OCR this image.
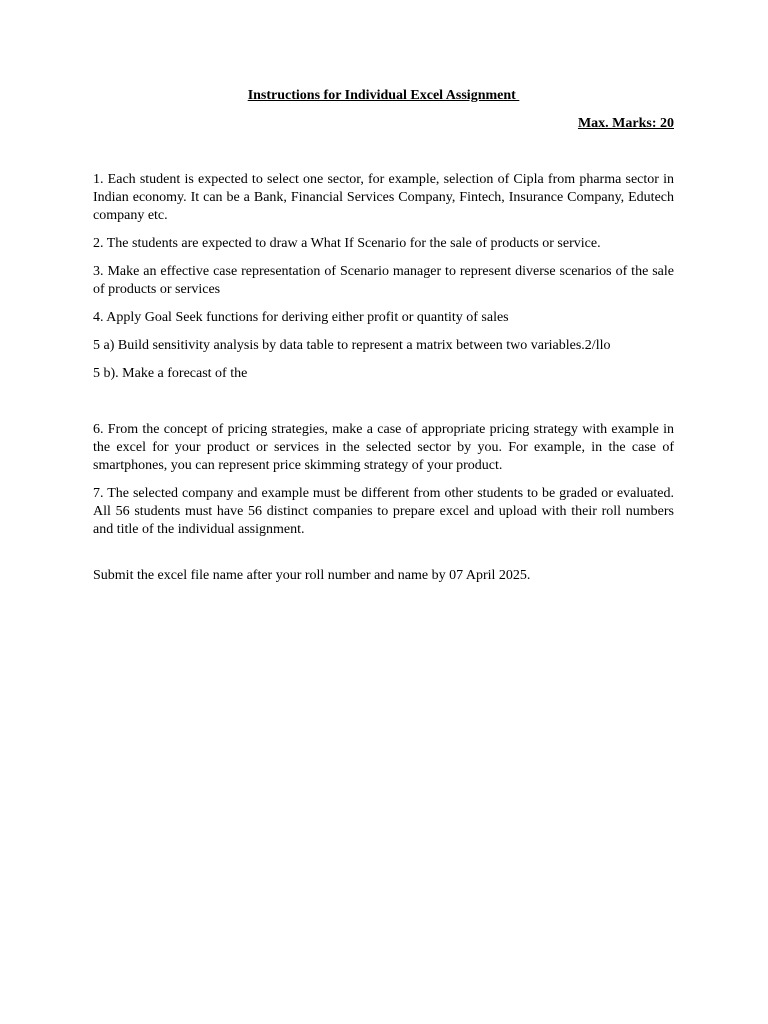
Instructions for Individual Excel Assignment

Max. Marks: 20

1. Each student is expected to select one sector, for example, selection of Cipla from pharma sector in Indian economy. It can be a Bank, Financial Services Company, Fintech, Insurance Company, Edutech company etc.

2. The students are expected to draw a What If Scenario for the sale of products or service.

3. Make an effective case representation of Scenario manager to represent diverse scenarios of the sale of products or services

4. Apply Goal Seek functions for deriving either profit or quantity of sales

5 a) Build sensitivity analysis by data table to represent a matrix between two variables.2/llo

5 b). Make a forecast of the

6. From the concept of pricing strategies, make a case of appropriate pricing strategy with example in the excel for your product or services in the selected sector by you. For example, in the case of smartphones, you can represent price skimming strategy of your product.

7. The selected company and example must be different from other students to be graded or evaluated. All 56 students must have 56 distinct companies to prepare excel and upload with their roll numbers and title of the individual assignment.

Submit the excel file name after your roll number and name by 07 April 2025.
